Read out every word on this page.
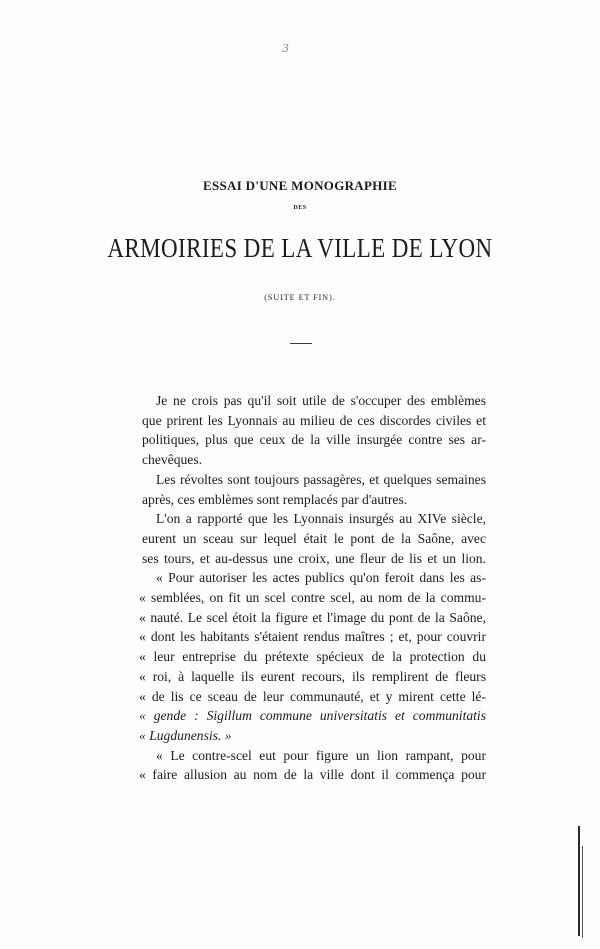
3
ESSAI D'UNE MONOGRAPHIE
DES
ARMOIRIES DE LA VILLE DE LYON
(SUITE ET FIN).
Je ne crois pas qu'il soit utile de s'occuper des emblèmes
que prirent les Lyonnais au milieu de ces discordes civiles et
politiques, plus que ceux de la ville insurgée contre ses ar-
chevêques.
Les révoltes sont toujours passagères, et quelques semaines
après, ces emblèmes sont remplacés par d'autres.
L'on a rapporté que les Lyonnais insurgés au XIVe siècle,
eurent un sceau sur lequel était le pont de la Saône, avec
ses tours, et au-dessus une croix, une fleur de lis et un lion.
« Pour autoriser les actes publics qu'on feroit dans les as-
« semblées, on fit un scel contre scel, au nom de la commu-
« nauté. Le scel étoit la figure et l'image du pont de la Saône,
« dont les habitants s'étaient rendus maîtres ; et, pour couvrir
« leur entreprise du prétexte spécieux de la protection du
« roi, à laquelle ils eurent recours, ils remplirent de fleurs
« de lis ce sceau de leur communauté, et y mirent cette lé-
« gende : Sigillum commune universitatis et communitatis
« Lugdunensis. »
« Le contre-scel eut pour figure un lion rampant, pour
« faire allusion au nom de la ville dont il commença pour
